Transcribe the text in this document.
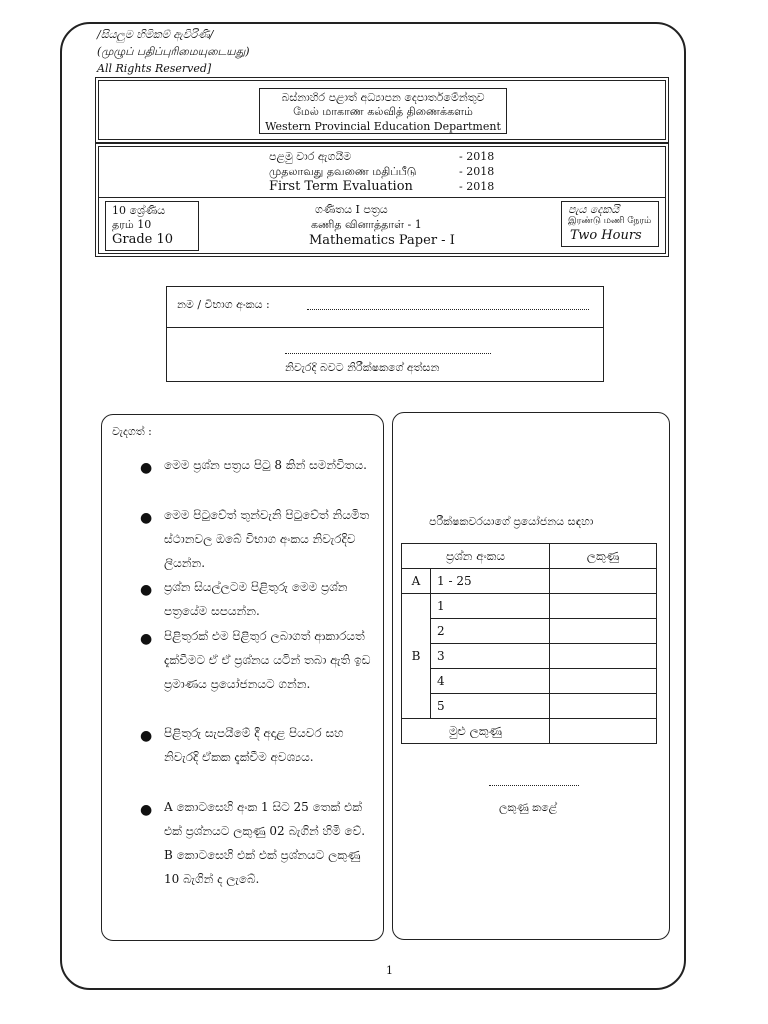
/සියලුම හිමිකම් ඇවිරිණි/
(முழுப் பதிப்புரிமையுடையது)
All Rights Reserved]
බස්නාහිර පළාත් අධ්‍යාපන දෙපාර්තමේන්තුව
மேல் மாகாண கல்வித் திணைக்களம்
Western Provincial Education Department
පළමු වාර ඇගයීම	- 2018
முதலாவது தவணை மதிப்பீடு	- 2018
First Term Evaluation	- 2018
10 ශ්‍රේණිය
தரம் 10
Grade 10
ගණිතය I පත්‍රය
கணித வினாத்தாள் - 1
Mathematics Paper - I
පැය දෙකයි
இரண்டு மணி நேரம்
Two Hours
නම / විභාග අංකය :
නිවැරදි බවට නිරීක්ෂකගේ අත්සන
වැදගත් :
● මෙම ප්‍රශ්න පත්‍රය පිටු 8 කින් සමන්විතය.
● මෙම පිටුවේත් තුන්වැනි පිටුවේත් නියමිත ස්ථානවල ඔබේ විභාග අංකය නිවැරදිව ලියන්න.
● ප්‍රශ්න සියල්ලටම පිළිතුරු මෙම ප්‍රශ්න පත්‍රයේම සපයන්න.
● පිළිතුරක් එම පිළිතුර ලබාගත් ආකාරයත් දැක්වීමට ඒ ඒ ප්‍රශ්නය යටින් තබා ඇති ඉඩ ප්‍රමාණය ප්‍රයෝජනයට ගන්න.
● පිළිතුරු සැපයීමේ දී අදාළ පියවර සහ නිවැරදි ඒකක දැක්වීම අවශ්‍යය.
● A කොටසෙහි අංක 1 සිට 25 තෙක් එක් එක් ප්‍රශ්නයට ලකුණු 02 බැගින් හිමි වේ. B කොටසෙහි එක් එක් ප්‍රශ්නයට ලකුණු 10 බැගින් ද ලැබේ.
පරීක්ෂකවරයාගේ ප්‍රයෝජනය සඳහා
ප්‍රශ්න අංකය		ලකුණු
A	1 - 25	
B	1	
	2	
	3	
	4	
	5	
මුළු ලකුණු		
ලකුණු කළේ
1
